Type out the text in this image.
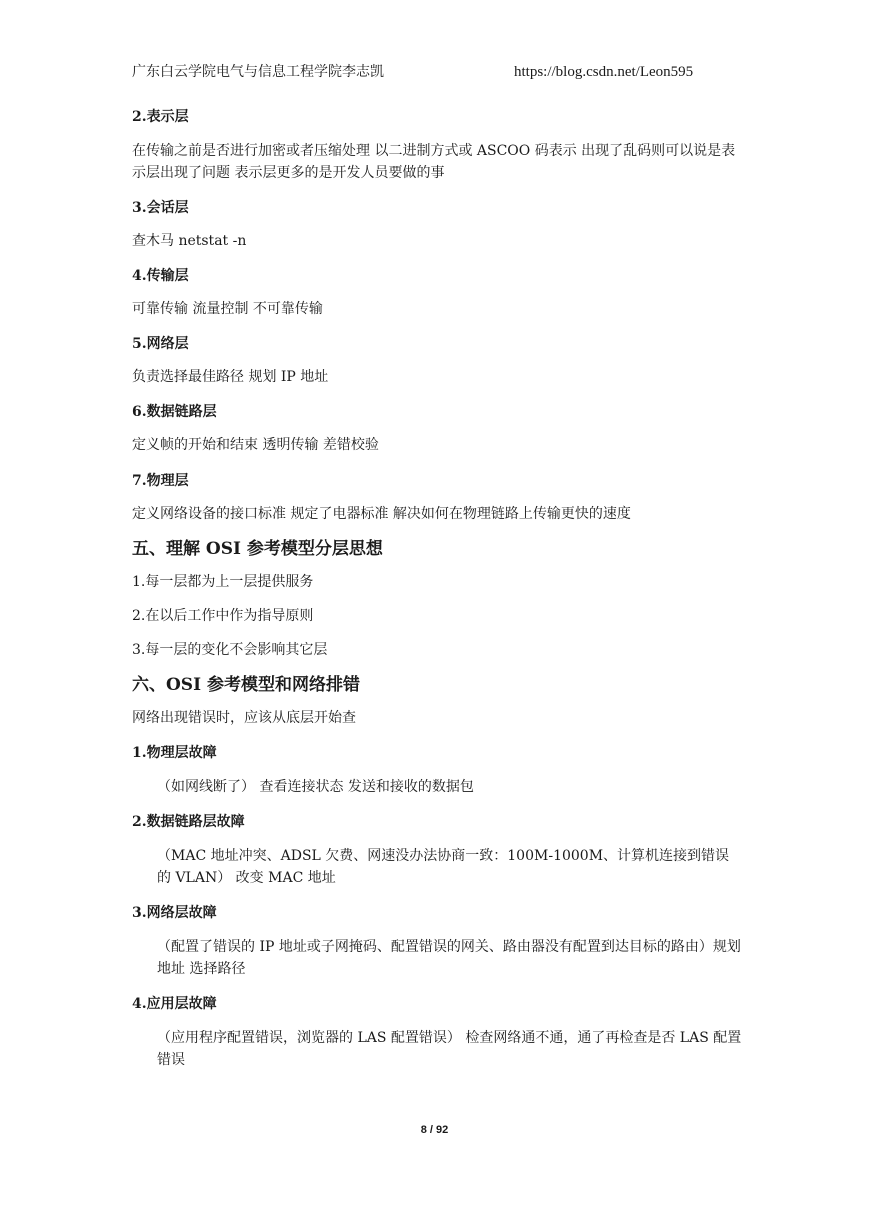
广东白云学院电气与信息工程学院李志凯	https://blog.csdn.net/Leon595
2.表示层
在传输之前是否进行加密或者压缩处理 以二进制方式或 ASCOO 码表示 出现了乱码则可以说是表示层出现了问题 表示层更多的是开发人员要做的事
3.会话层
查木马 netstat -n
4.传输层
可靠传输 流量控制 不可靠传输
5.网络层
负责选择最佳路径 规划 IP 地址
6.数据链路层
定义帧的开始和结束 透明传输 差错校验
7.物理层
定义网络设备的接口标准 规定了电器标准 解决如何在物理链路上传输更快的速度
五、理解 OSI 参考模型分层思想
1.每一层都为上一层提供服务
2.在以后工作中作为指导原则
3.每一层的变化不会影响其它层
六、OSI 参考模型和网络排错
网络出现错误时，应该从底层开始查
1.物理层故障
（如网线断了） 查看连接状态 发送和接收的数据包
2.数据链路层故障
（MAC 地址冲突、ADSL 欠费、网速没办法协商一致：100M-1000M、计算机连接到错误的 VLAN） 改变 MAC 地址
3.网络层故障
（配置了错误的 IP 地址或子网掩码、配置错误的网关、路由器没有配置到达目标的路由）规划地址 选择路径
4.应用层故障
（应用程序配置错误，浏览器的 LAS 配置错误） 检查网络通不通，通了再检查是否 LAS 配置错误
8 / 92
